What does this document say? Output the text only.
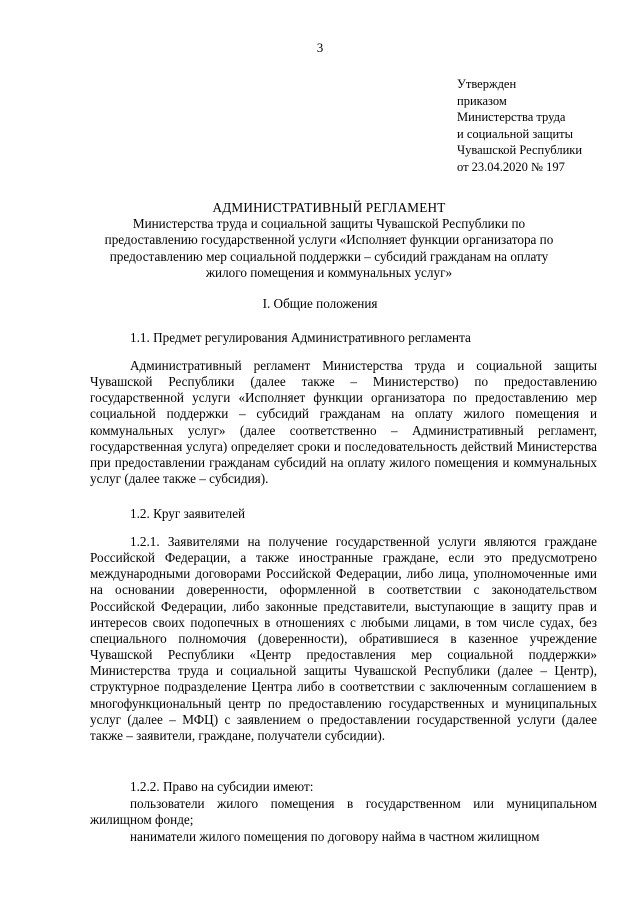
3
Утвержден
приказом
Министерства труда
и социальной защиты
Чувашской Республики
от 23.04.2020 № 197
АДМИНИСТРАТИВНЫЙ РЕГЛАМЕНТ
Министерства труда и социальной защиты Чувашской Республики по предоставлению государственной услуги «Исполняет функции организатора по предоставлению мер социальной поддержки – субсидий гражданам на оплату жилого помещения и коммунальных услуг»
I. Общие положения
1.1. Предмет регулирования Административного регламента
Административный регламент Министерства труда и социальной защиты Чувашской Республики (далее также – Министерство) по предоставлению государственной услуги «Исполняет функции организатора по предоставлению мер социальной поддержки – субсидий гражданам на оплату жилого помещения и коммунальных услуг» (далее соответственно – Административный регламент, государственная услуга) определяет сроки и последовательность действий Министерства при предоставлении гражданам субсидий на оплату жилого помещения и коммунальных услуг (далее также – субсидия).
1.2. Круг заявителей
1.2.1. Заявителями на получение государственной услуги являются граждане Российской Федерации, а также иностранные граждане, если это предусмотрено международными договорами Российской Федерации, либо лица, уполномоченные ими на основании доверенности, оформленной в соответствии с законодательством Российской Федерации, либо законные представители, выступающие в защиту прав и интересов своих подопечных в отношениях с любыми лицами, в том числе судах, без специального полномочия (доверенности), обратившиеся в казенное учреждение Чувашской Республики «Центр предоставления мер социальной поддержки» Министерства труда и социальной защиты Чувашской Республики (далее – Центр), структурное подразделение Центра либо в соответствии с заключенным соглашением в многофункциональный центр по предоставлению государственных и муниципальных услуг (далее – МФЦ) с заявлением о предоставлении государственной услуги (далее также – заявители, граждане, получатели субсидии).
1.2.2. Право на субсидии имеют:
пользователи жилого помещения в государственном или муниципальном жилищном фонде;
наниматели жилого помещения по договору найма в частном жилищном
